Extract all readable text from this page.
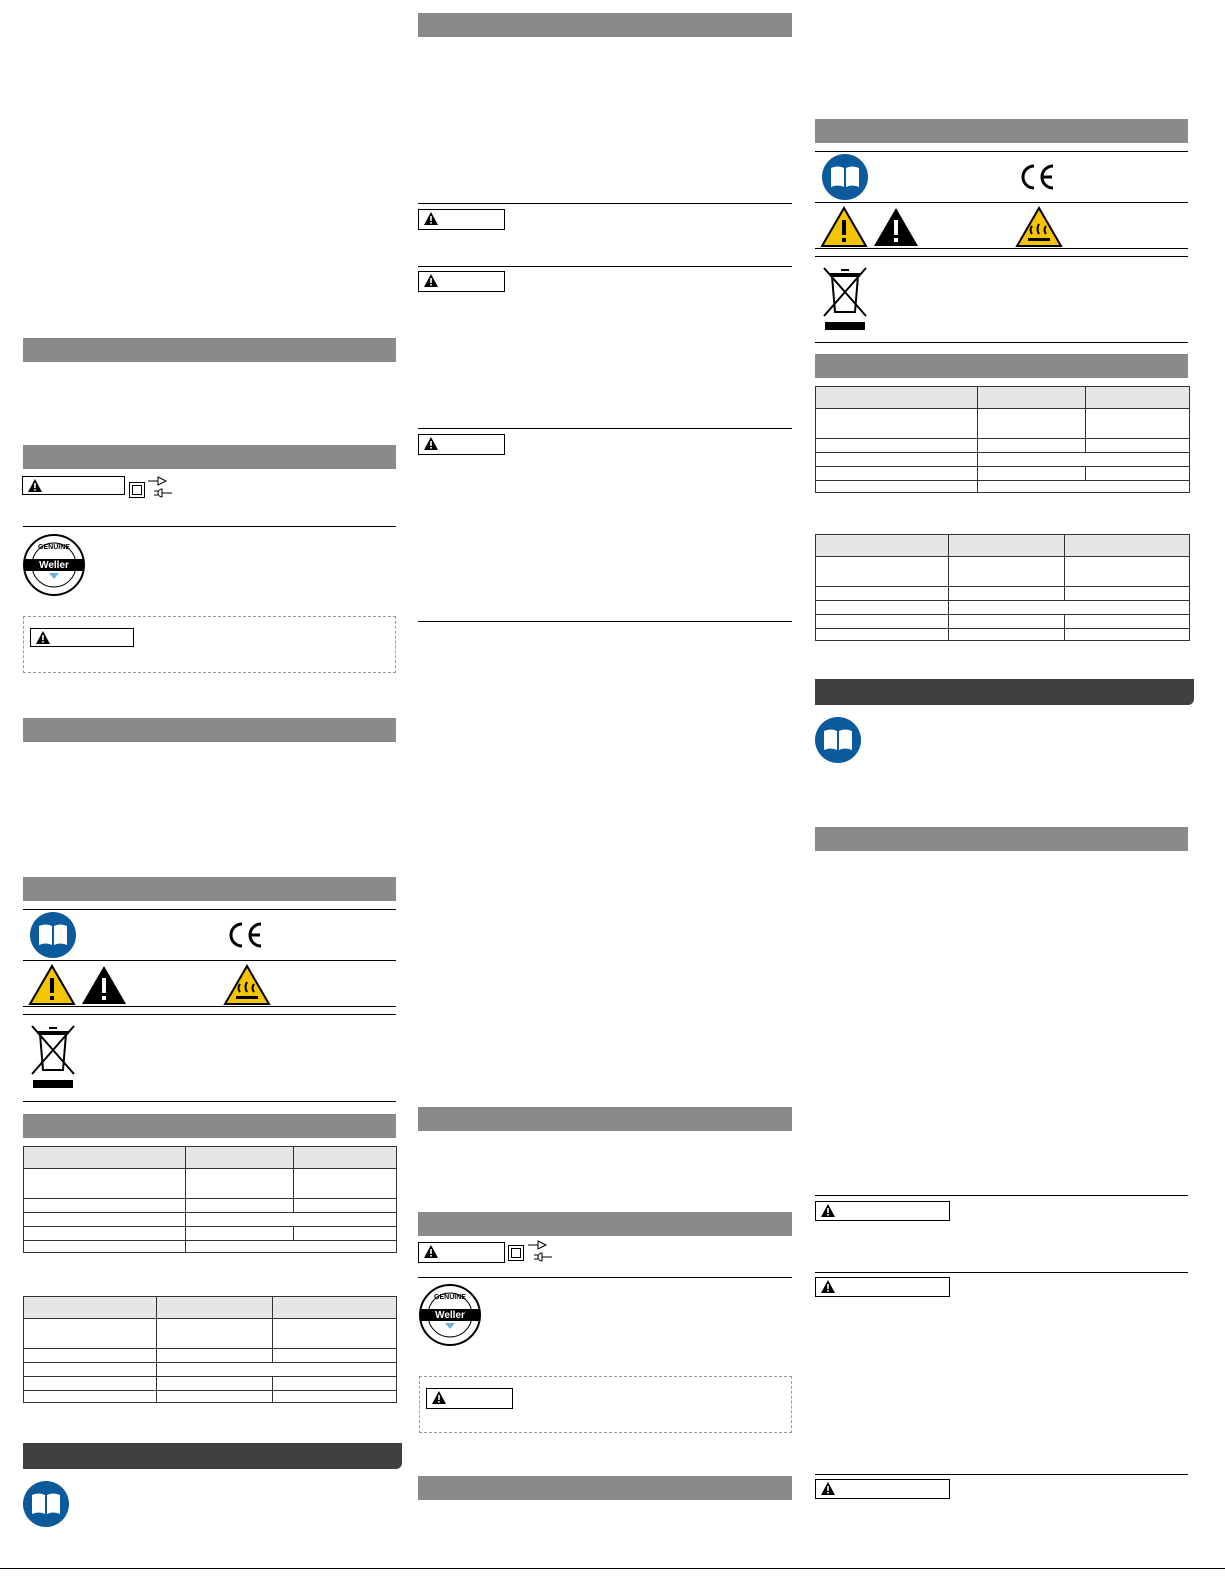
Weller
GENUINE

Weller
GENUINE
